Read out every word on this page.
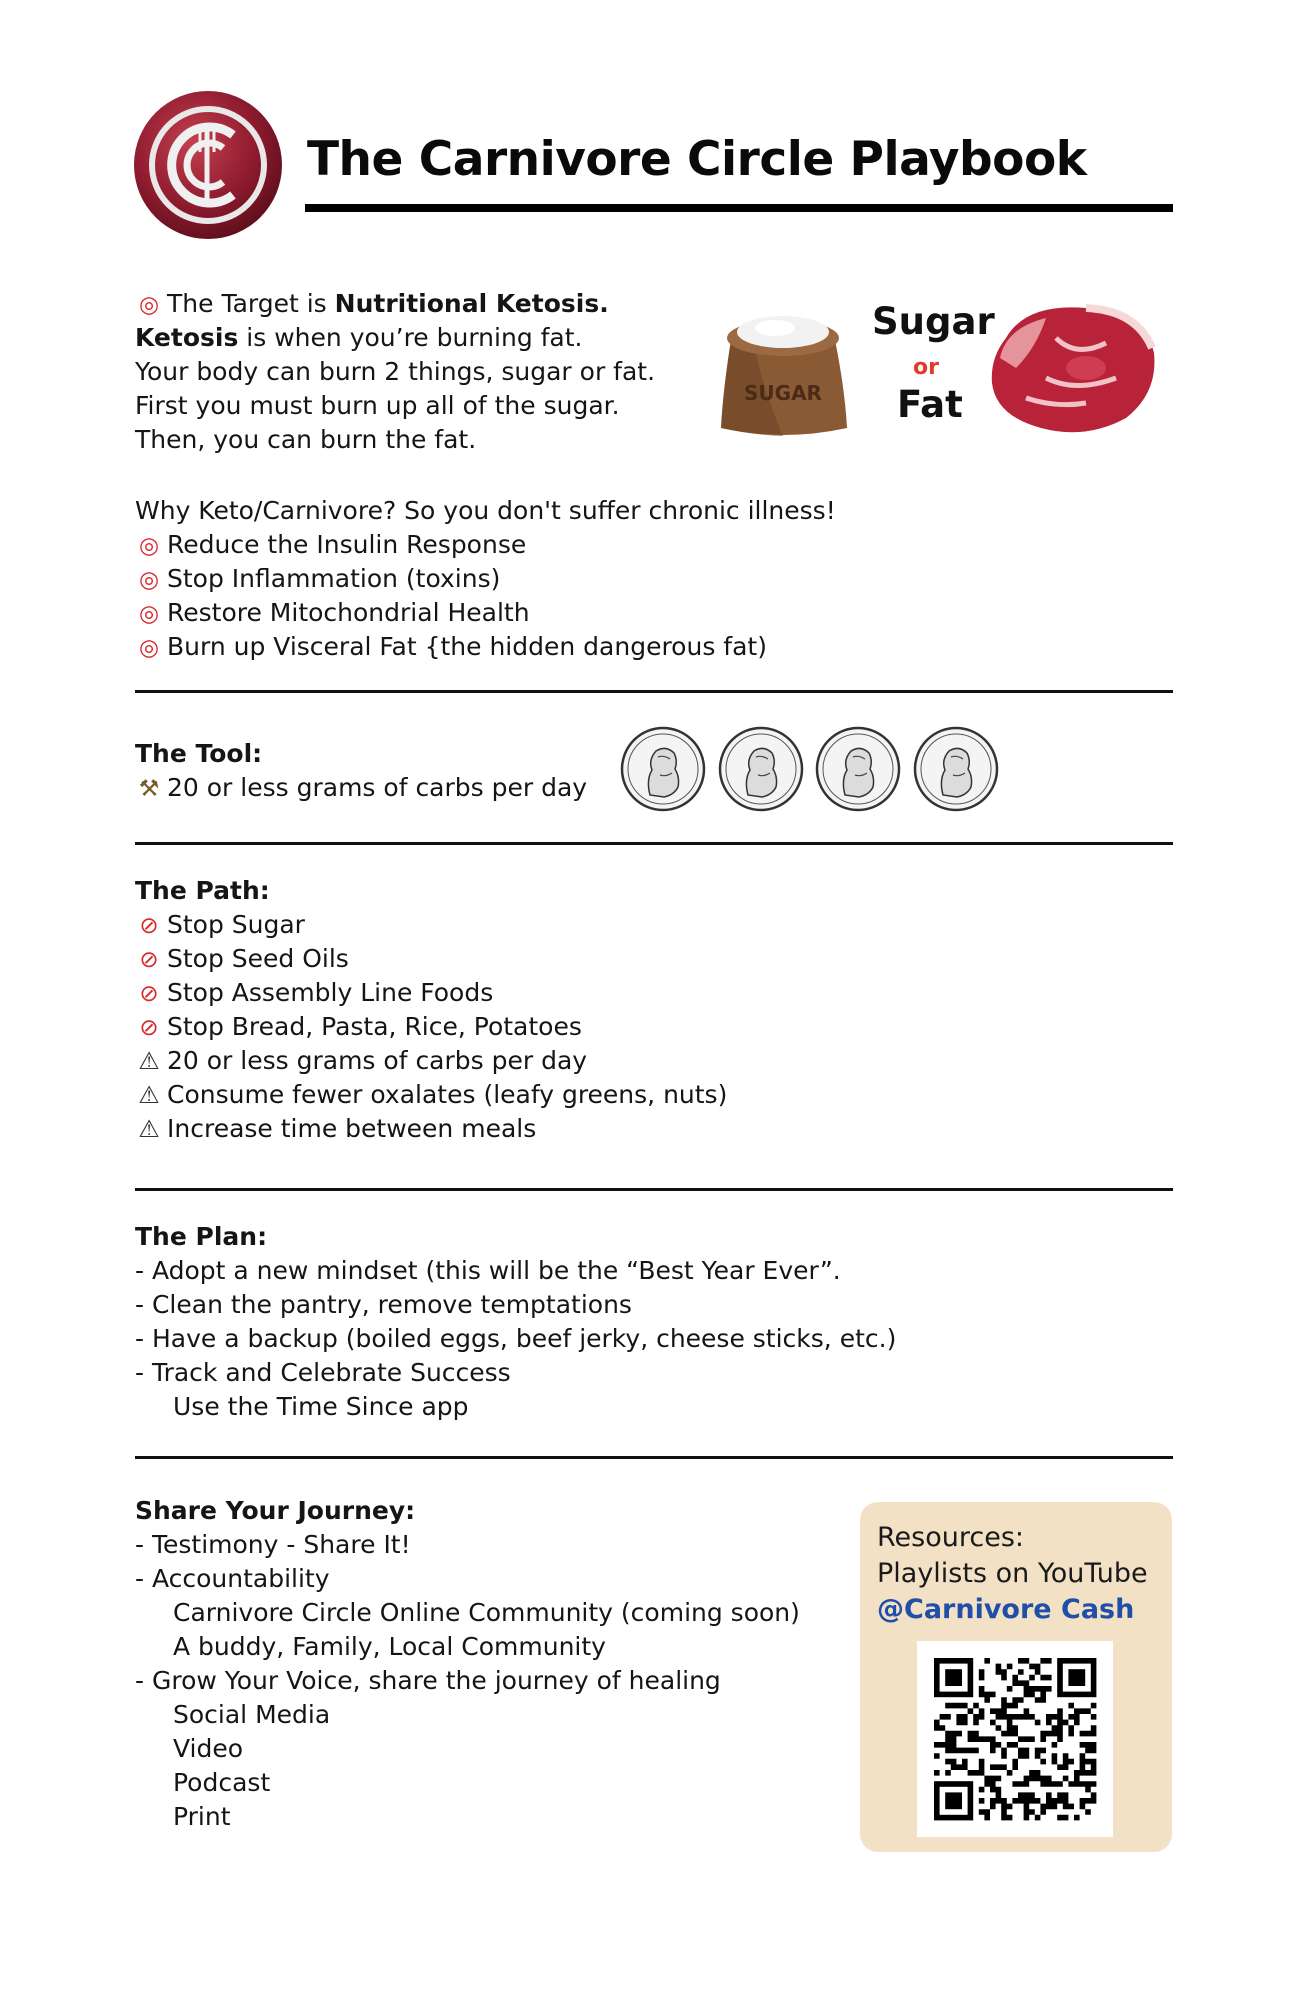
The Carnivore Circle Playbook
◎ The Target is Nutritional Ketosis.
Ketosis is when you’re burning fat.
Your body can burn 2 things, sugar or fat.
First you must burn up all of the sugar.
Then, you can burn the fat.
SUGAR
Sugar
or
Fat
Why Keto/Carnivore? So you don't suffer chronic illness!
◎ Reduce the Insulin Response
◎ Stop Inflammation (toxins)
◎ Restore Mitochondrial Health
◎ Burn up Visceral Fat {the hidden dangerous fat)
The Tool:
⚒ 20 or less grams of carbs per day
The Path:
⊘ Stop Sugar
⊘ Stop Seed Oils
⊘ Stop Assembly Line Foods
⊘ Stop Bread, Pasta, Rice, Potatoes
⚠ 20 or less grams of carbs per day
⚠ Consume fewer oxalates (leafy greens, nuts)
⚠ Increase time between meals
The Plan:
- Adopt a new mindset (this will be the “Best Year Ever”.
- Clean the pantry, remove temptations
- Have a backup (boiled eggs, beef jerky, cheese sticks, etc.)
- Track and Celebrate Success
Use the Time Since app
Share Your Journey:
- Testimony - Share It!
- Accountability
Carnivore Circle Online Community (coming soon)
A buddy, Family, Local Community
- Grow Your Voice, share the journey of healing
Social Media
Video
Podcast
Print
Resources:
Playlists on YouTube
@Carnivore Cash
